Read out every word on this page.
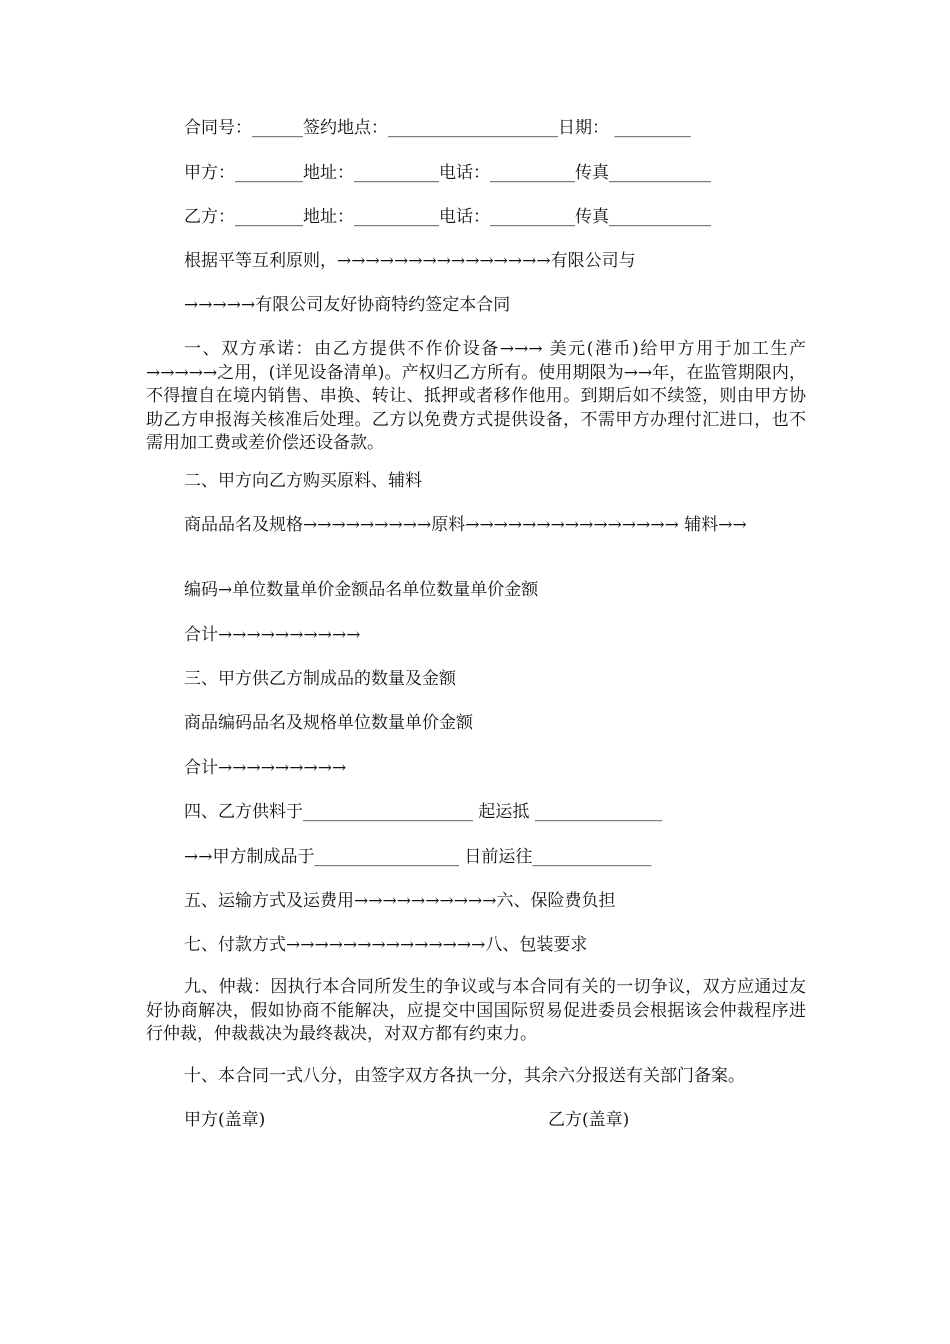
合同号：______签约地点：____________________日期： _________
甲方：________地址：__________电话：__________传真____________
乙方：________地址：__________电话：__________传真____________
根据平等互利原则，→→→→→→→→→→→→→→→有限公司与
→→→→→有限公司友好协商特约签定本合同
一、双方承诺：由乙方提供不作价设备→→→ 美元(港币)给甲方用于加工生产→→→→→之用，(详见设备清单)。产权归乙方所有。使用期限为→→年，在监管期限内，不得擅自在境内销售、串换、转让、抵押或者移作他用。到期后如不续签，则由甲方协助乙方申报海关核准后处理。乙方以免费方式提供设备，不需甲方办理付汇进口，也不需用加工费或差价偿还设备款。
二、甲方向乙方购买原料、辅料
商品品名及规格→→→→→→→→→原料→→→→→→→→→→→→→→→ 辅料→→
编码→单位数量单价金额品名单位数量单价金额
合计→→→→→→→→→→
三、甲方供乙方制成品的数量及金额
商品编码品名及规格单位数量单价金额
合计→→→→→→→→→
四、乙方供料于____________________ 起运抵 _______________
→→甲方制成品于_________________ 日前运往______________
五、运输方式及运费用→→→→→→→→→→六、保险费负担
七、付款方式→→→→→→→→→→→→→→八、包装要求
九、仲裁：因执行本合同所发生的争议或与本合同有关的一切争议，双方应通过友好协商解决，假如协商不能解决，应提交中国国际贸易促进委员会根据该会仲裁程序进行仲裁，仲裁裁决为最终裁决，对双方都有约束力。
十、本合同一式八分，由签字双方各执一分，其余六分报送有关部门备案。
甲方(盖章)	乙方(盖章)
